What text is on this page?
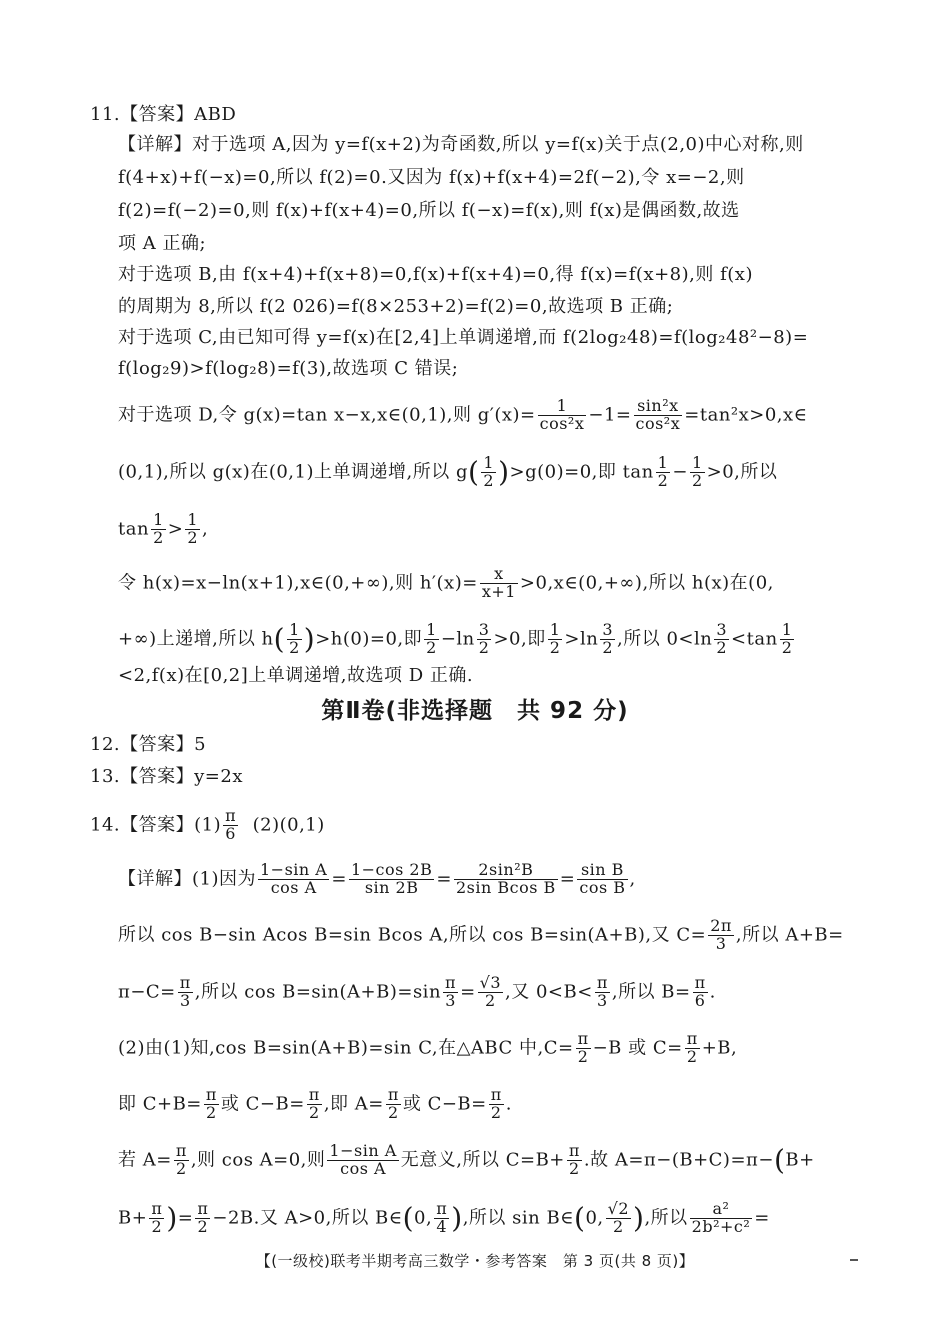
11.【答案】ABD
【详解】对于选项 A,因为 y=f(x+2)为奇函数,所以 y=f(x)关于点(2,0)中心对称,则
f(4+x)+f(−x)=0,所以 f(2)=0.又因为 f(x)+f(x+4)=2f(−2),令 x=−2,则
f(2)=f(−2)=0,则 f(x)+f(x+4)=0,所以 f(−x)=f(x),则 f(x)是偶函数,故选
项 A 正确;
对于选项 B,由 f(x+4)+f(x+8)=0,f(x)+f(x+4)=0,得 f(x)=f(x+8),则 f(x)
的周期为 8,所以 f(2 026)=f(8×253+2)=f(2)=0,故选项 B 正确;
对于选项 C,由已知可得 y=f(x)在[2,4]上单调递增,而 f(2log₂48)=f(log₂48²−8)=
f(log₂9)>f(log₂8)=f(3),故选项 C 错误;
对于选项 D,令 g(x)=tan x−x,x∈(0,1),则 $g'(x)= \frac{1}{\text{cos²x}} -1= \frac{\text{sin²x}}{\text{cos²x}}$ =tan²x>0,x∈
(0,1),所以 g(x)在(0,1)上单调递增,所以 $g( \frac{1}{2} )>g(0)=0$,即 $\tan \frac{1}{2} - \frac{1}{2} >0$,所以
$\tan \frac{1}{2} > \frac{1}{2}$ ,
令 h(x)=x−ln(x+1),x∈(0,+∞),则 $h'(x)= \frac{x}{x+1}$ >0,x∈(0,+∞),所以 h(x)在(0,
+∞)上递增,所以 $h( \frac{1}{2} )>h(0)=0$,即 $\frac{1}{2} -\ln \frac{3}{2} >0$,即 $\frac{1}{2} >\ln \frac{3}{2}$ ,所以 $0<\ln \frac{3}{2} <\tan \frac{1}{2}$
<2,f(x)在[0,2]上单调递增,故选项 D 正确.
第Ⅱ卷(非选择题　共 92 分)
12.【答案】5
13.【答案】y=2x
14.【答案】$(1) \frac{\pi}{6} (2)(0,1)$
【详解】(1)因为 $\frac{\text{1−sin A}}{\text{cos A}} = \frac{1-\cos 2B}{\sin 2B} = \frac{\text{2sin²B}}{\text{2sin Bcos B}} = \frac{\text{sin B}}{\text{cos B}}$ ,
所以 cos B−sin Acos B=sin Bcos A,所以 cos B=sin(A+B),又 $C= \frac{2\pi}{3}$ ,所以 A+B=
$\pi-C= \frac{\pi}{3}$ ,所以 $\cos B=\sin(A+B)=\sin \frac{\pi}{3} = \frac{√3}{2}$ ,又 $0<B< \frac{\pi}{3}$ ,所以 $B= \frac{\pi}{6}$ .
(2)由(1)知,cos B=sin(A+B)=sin C,在△ABC 中$,C= \frac{\pi}{2} -B$ 或 $C= \frac{\pi}{2} +B$,
即 $C+B= \frac{\pi}{2}$ 或 $C-B= \frac{\pi}{2}$ ,即 $A= \frac{\pi}{2}$ 或 $C-B= \frac{\pi}{2}$ .
若 $A= \frac{\pi}{2}$ ,则 cos A=0,则 $\frac{\text{1−sin A}}{\text{cos A}}$ 无意义,所以 $C=B+ \frac{\pi}{2}$ .故 A=π−(B+C)=π−(B+
$B+ \frac{\pi}{2}$ )= $\frac{\pi}{2} -2B$.又 A>0,所以 B∈(0, $\frac{\pi}{4}$ ),所以 sin B∈(0, $\frac{√2}{2}$ ),所以 $\frac{\text{a²}}{\text{2b²+c²}}$ =
【(一级校)联考半期考高三数学・参考答案　第 3 页(共 8 页)】
